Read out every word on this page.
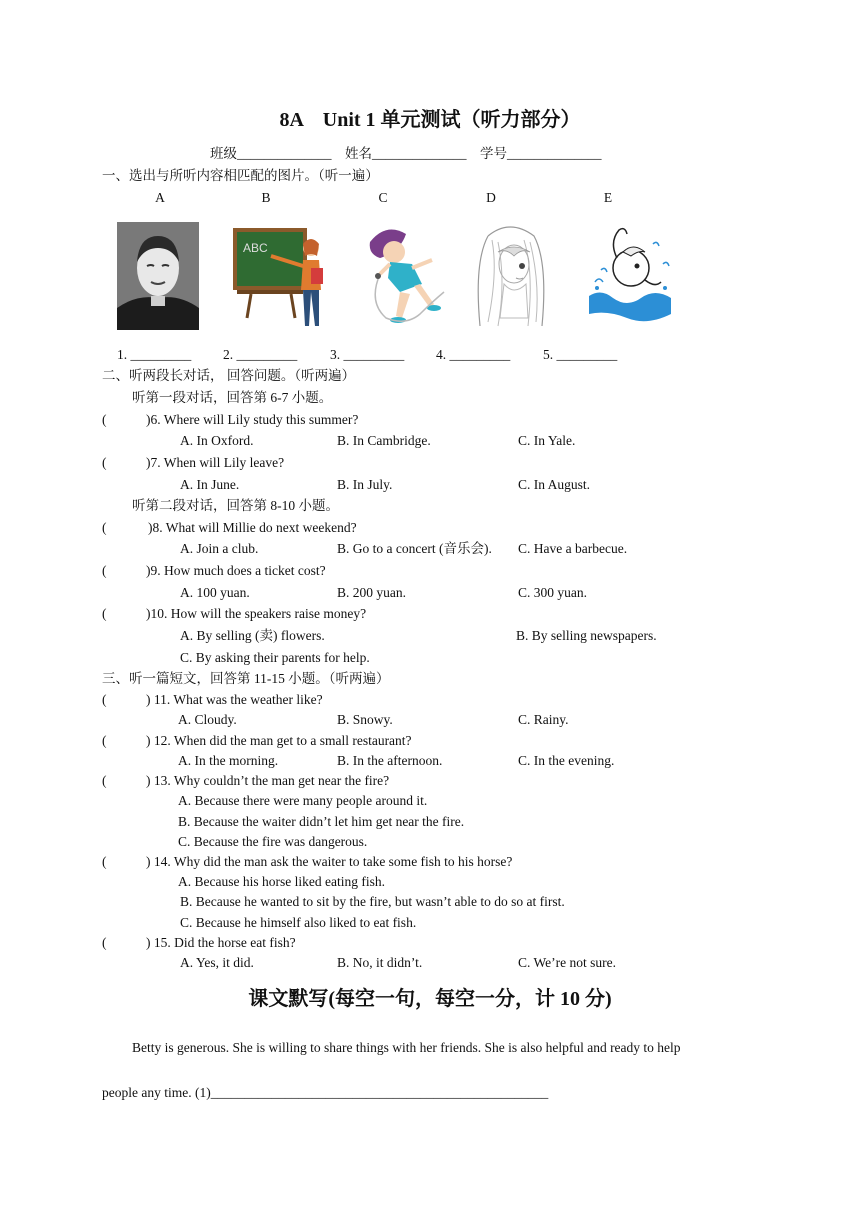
8A　Unit 1 单元测试（听力部分）
班级______________　姓名______________　学号______________
一、选出与所听内容相匹配的图片。（听一遍）
A	B	C	D	E
ABC
1. _________ 2. _________ 3. _________ 4. _________ 5. _________
二、听两段长对话， 回答问题。（听两遍）
听第一段对话，回答第 6-7 小题。
(	)6. Where will Lily study this summer?
A. In Oxford.	B. In Cambridge.	C. In Yale.
(	)7. When will Lily leave?
A. In June.	B. In July.	C. In August.
听第二段对话，回答第 8-10 小题。
(	)8. What will Millie do next weekend?
A. Join a club.	B. Go to a concert (音乐会). C. Have a barbecue.
(	)9. How much does a ticket cost?
A. 100 yuan.	B. 200 yuan.	C. 300 yuan.
(	)10. How will the speakers raise money?
A. By selling (卖) flowers.	B. By selling newspapers.
C. By asking their parents for help.
三、听一篇短文，回答第 11-15 小题。（听两遍）
(	) 11. What was the weather like?
A. Cloudy.	B. Snowy.	C. Rainy.
(	) 12. When did the man get to a small restaurant?
A. In the morning.	B. In the afternoon.	C. In the evening.
(	) 13. Why couldn’t the man get near the fire?
A. Because there were many people around it.
B. Because the waiter didn’t let him get near the fire.
C. Because the fire was dangerous.
(	) 14. Why did the man ask the waiter to take some fish to his horse?
A. Because his horse liked eating fish.
B. Because he wanted to sit by the fire, but wasn’t able to do so at first.
C. Because he himself also liked to eat fish.
(	) 15. Did the horse eat fish?
A. Yes, it did.	B. No, it didn’t.	C. We’re not sure.
课文默写(每空一句，每空一分，计 10 分)
Betty is generous. She is willing to share things with her friends. She is also helpful and ready to help
people any time. (1)__________________________________________________
